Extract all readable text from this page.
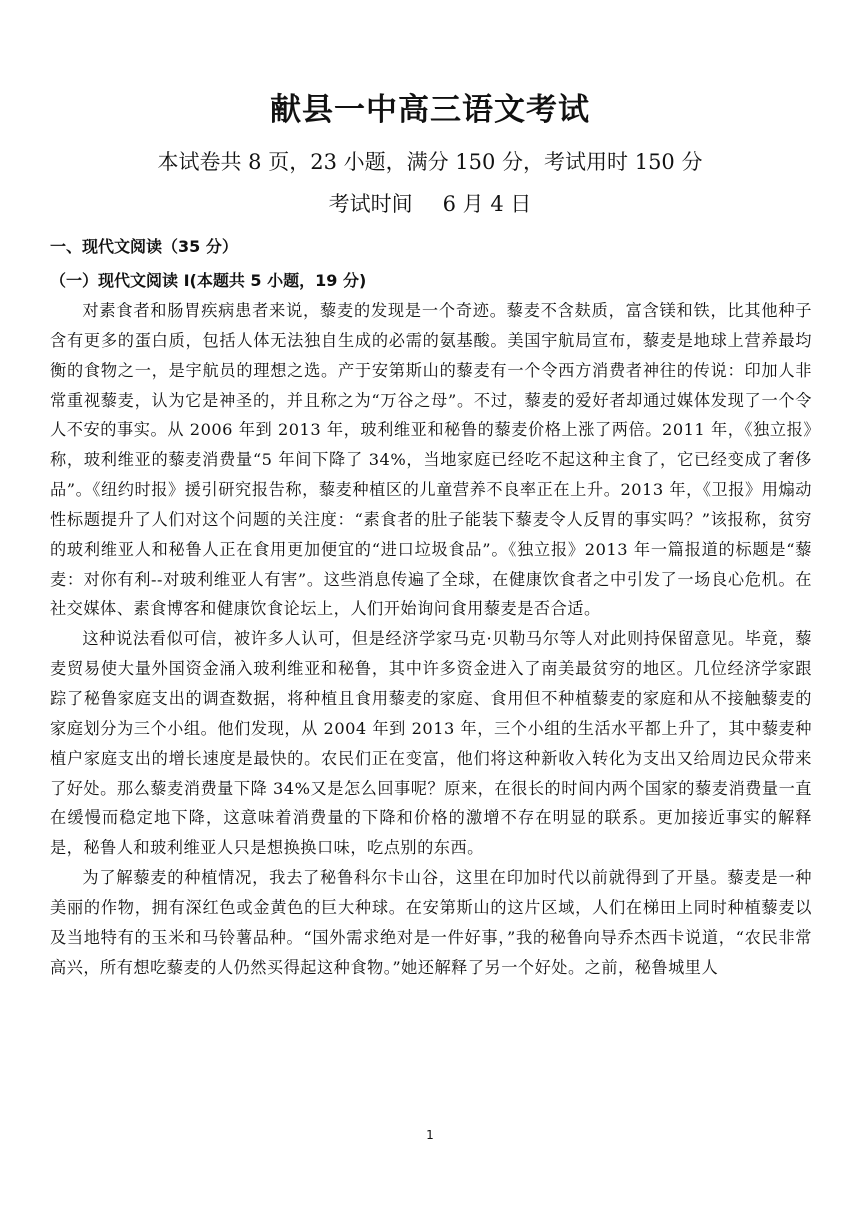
献县一中高三语文考试
本试卷共 8 页，23 小题，满分 150 分，考试用时 150 分
考试时间 6 月 4 日
一、现代文阅读（35 分）
（一）现代文阅读 I(本题共 5 小题，19 分)

对素食者和肠胃疾病患者来说，藜麦的发现是一个奇迹。藜麦不含麸质，富含镁和铁，比其他种子含有更多的蛋白质，包括人体无法独自生成的必需的氨基酸。美国宇航局宣布，藜麦是地球上营养最均衡的食物之一，是宇航员的理想之选。产于安第斯山的藜麦有一个令西方消费者神往的传说：印加人非常重视藜麦，认为它是神圣的，并且称之为“万谷之母”。不过，藜麦的爱好者却通过媒体发现了一个令人不安的事实。从 2006 年到 2013 年，玻利维亚和秘鲁的藜麦价格上涨了两倍。2011 年，《独立报》称，玻利维亚的藜麦消费量“5 年间下降了 34%，当地家庭已经吃不起这种主食了，它已经变成了奢侈品”。《纽约时报》援引研究报告称，藜麦种植区的儿童营养不良率正在上升。2013 年，《卫报》用煽动性标题提升了人们对这个问题的关注度：“素食者的肚子能装下藜麦令人反胃的事实吗？”该报称，贫穷的玻利维亚人和秘鲁人正在食用更加便宜的“进口垃圾食品”。《独立报》2013 年一篇报道的标题是“藜麦：对你有利--对玻利维亚人有害”。这些消息传遍了全球，在健康饮食者之中引发了一场良心危机。在社交媒体、素食博客和健康饮食论坛上，人们开始询问食用藜麦是否合适。

这种说法看似可信，被许多人认可，但是经济学家马克·贝勒马尔等人对此则持保留意见。毕竟，藜麦贸易使大量外国资金涌入玻利维亚和秘鲁，其中许多资金进入了南美最贫穷的地区。几位经济学家跟踪了秘鲁家庭支出的调查数据，将种植且食用藜麦的家庭、食用但不种植藜麦的家庭和从不接触藜麦的家庭划分为三个小组。他们发现，从 2004 年到 2013 年，三个小组的生活水平都上升了，其中藜麦种植户家庭支出的增长速度是最快的。农民们正在变富，他们将这种新收入转化为支出又给周边民众带来了好处。那么藜麦消费量下降 34%又是怎么回事呢？原来，在很长的时间内两个国家的藜麦消费量一直在缓慢而稳定地下降，这意味着消费量的下降和价格的激增不存在明显的联系。更加接近事实的解释是，秘鲁人和玻利维亚人只是想换换口味，吃点别的东西。

为了解藜麦的种植情况，我去了秘鲁科尔卡山谷，这里在印加时代以前就得到了开垦。藜麦是一种美丽的作物，拥有深红色或金黄色的巨大种球。在安第斯山的这片区域，人们在梯田上同时种植藜麦以及当地特有的玉米和马铃薯品种。“国外需求绝对是一件好事，”我的秘鲁向导乔杰西卡说道，“农民非常高兴，所有想吃藜麦的人仍然买得起这种食物。”她还解释了另一个好处。之前，秘鲁城里人

1
